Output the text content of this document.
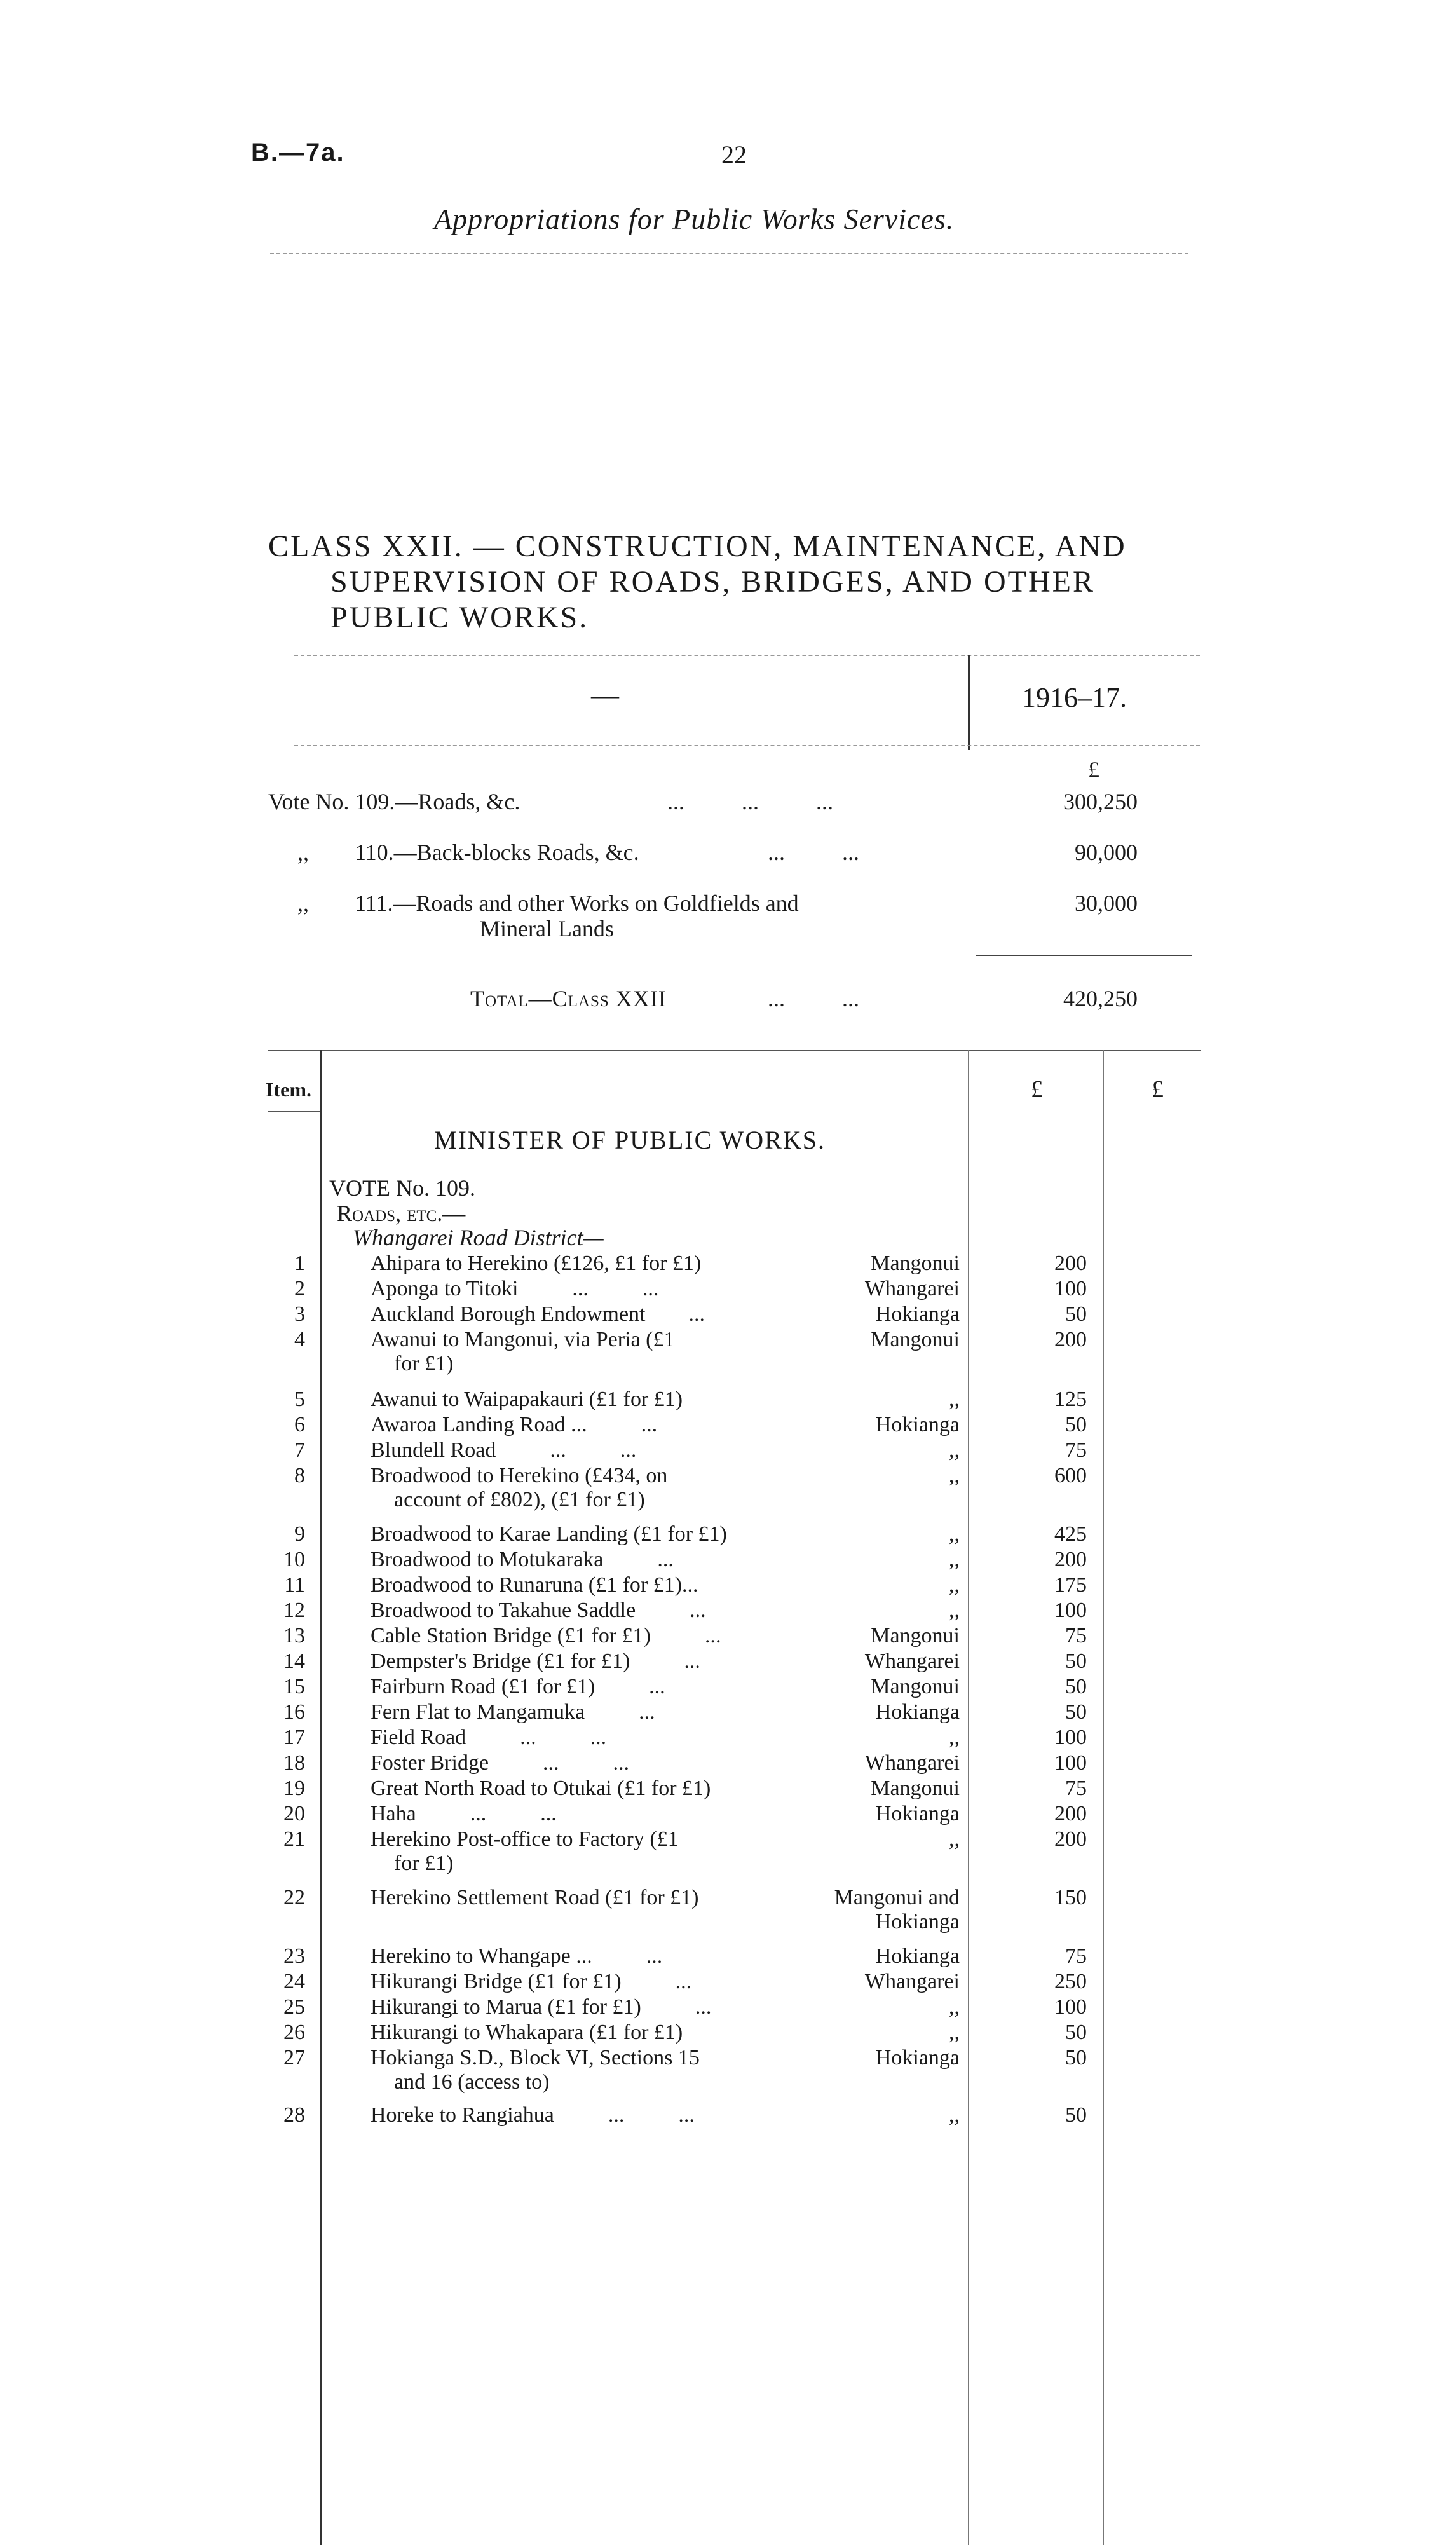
B.—7a.	22
Appropriations for Public Works Services.
CLASS XXII. — CONSTRUCTION, MAINTENANCE, AND
SUPERVISION OF ROADS, BRIDGES, AND OTHER
PUBLIC WORKS.
—	1916–17.
£
Vote No. 109.—Roads, &c.	...          ...          ...	300,250
,,        110.—Back-blocks Roads, &c.	...          ...	90,000
,,        111.—Roads and other Works on Goldfields and
Mineral Lands
30,000
Total—Class XXII	...          ...	420,250
Item.	£	£
MINISTER OF PUBLIC WORKS.
VOTE No. 109.
Roads, etc.—
Whangarei Road District—
1	Ahipara to Herekino (£126, £1 for £1)	Mangonui	200
2	Aponga to Titoki          ...          ...	Whangarei	100
3	Auckland Borough Endowment        ...	Hokianga	50
4	Awanui to Mangonui, via Peria (£1	Mangonui	200
for £1)
5	Awanui to Waipapakauri (£1 for £1)	,,	125
6	Awaroa Landing Road ...          ...	Hokianga	50
7	Blundell Road          ...          ...	,,	75
8	Broadwood to Herekino (£434, on	,,	600
account of £802), (£1 for £1)
9	Broadwood to Karae Landing (£1 for £1)	,,	425
10	Broadwood to Motukaraka          ...	,,	200
11	Broadwood to Runaruna (£1 for £1)...	,,	175
12	Broadwood to Takahue Saddle          ...	,,	100
13	Cable Station Bridge (£1 for £1)          ...	Mangonui	75
14	Dempster's Bridge (£1 for £1)          ...	Whangarei	50
15	Fairburn Road (£1 for £1)          ...	Mangonui	50
16	Fern Flat to Mangamuka          ...	Hokianga	50
17	Field Road          ...          ...	,,	100
18	Foster Bridge          ...          ...	Whangarei	100
19	Great North Road to Otukai (£1 for £1)	Mangonui	75
20	Haha          ...          ...	Hokianga	200
21	Herekino Post-office to Factory (£1	,,	200
for £1)
22	Herekino Settlement Road (£1 for £1)	Mangonui and	150
Hokianga
23	Herekino to Whangape ...          ...	Hokianga	75
24	Hikurangi Bridge (£1 for £1)          ...	Whangarei	250
25	Hikurangi to Marua (£1 for £1)          ...	,,	100
26	Hikurangi to Whakapara (£1 for £1)	,,	50
27	Hokianga S.D., Block VI, Sections 15	Hokianga	50
and 16 (access to)
28	Horeke to Rangiahua          ...          ...	,,	50
